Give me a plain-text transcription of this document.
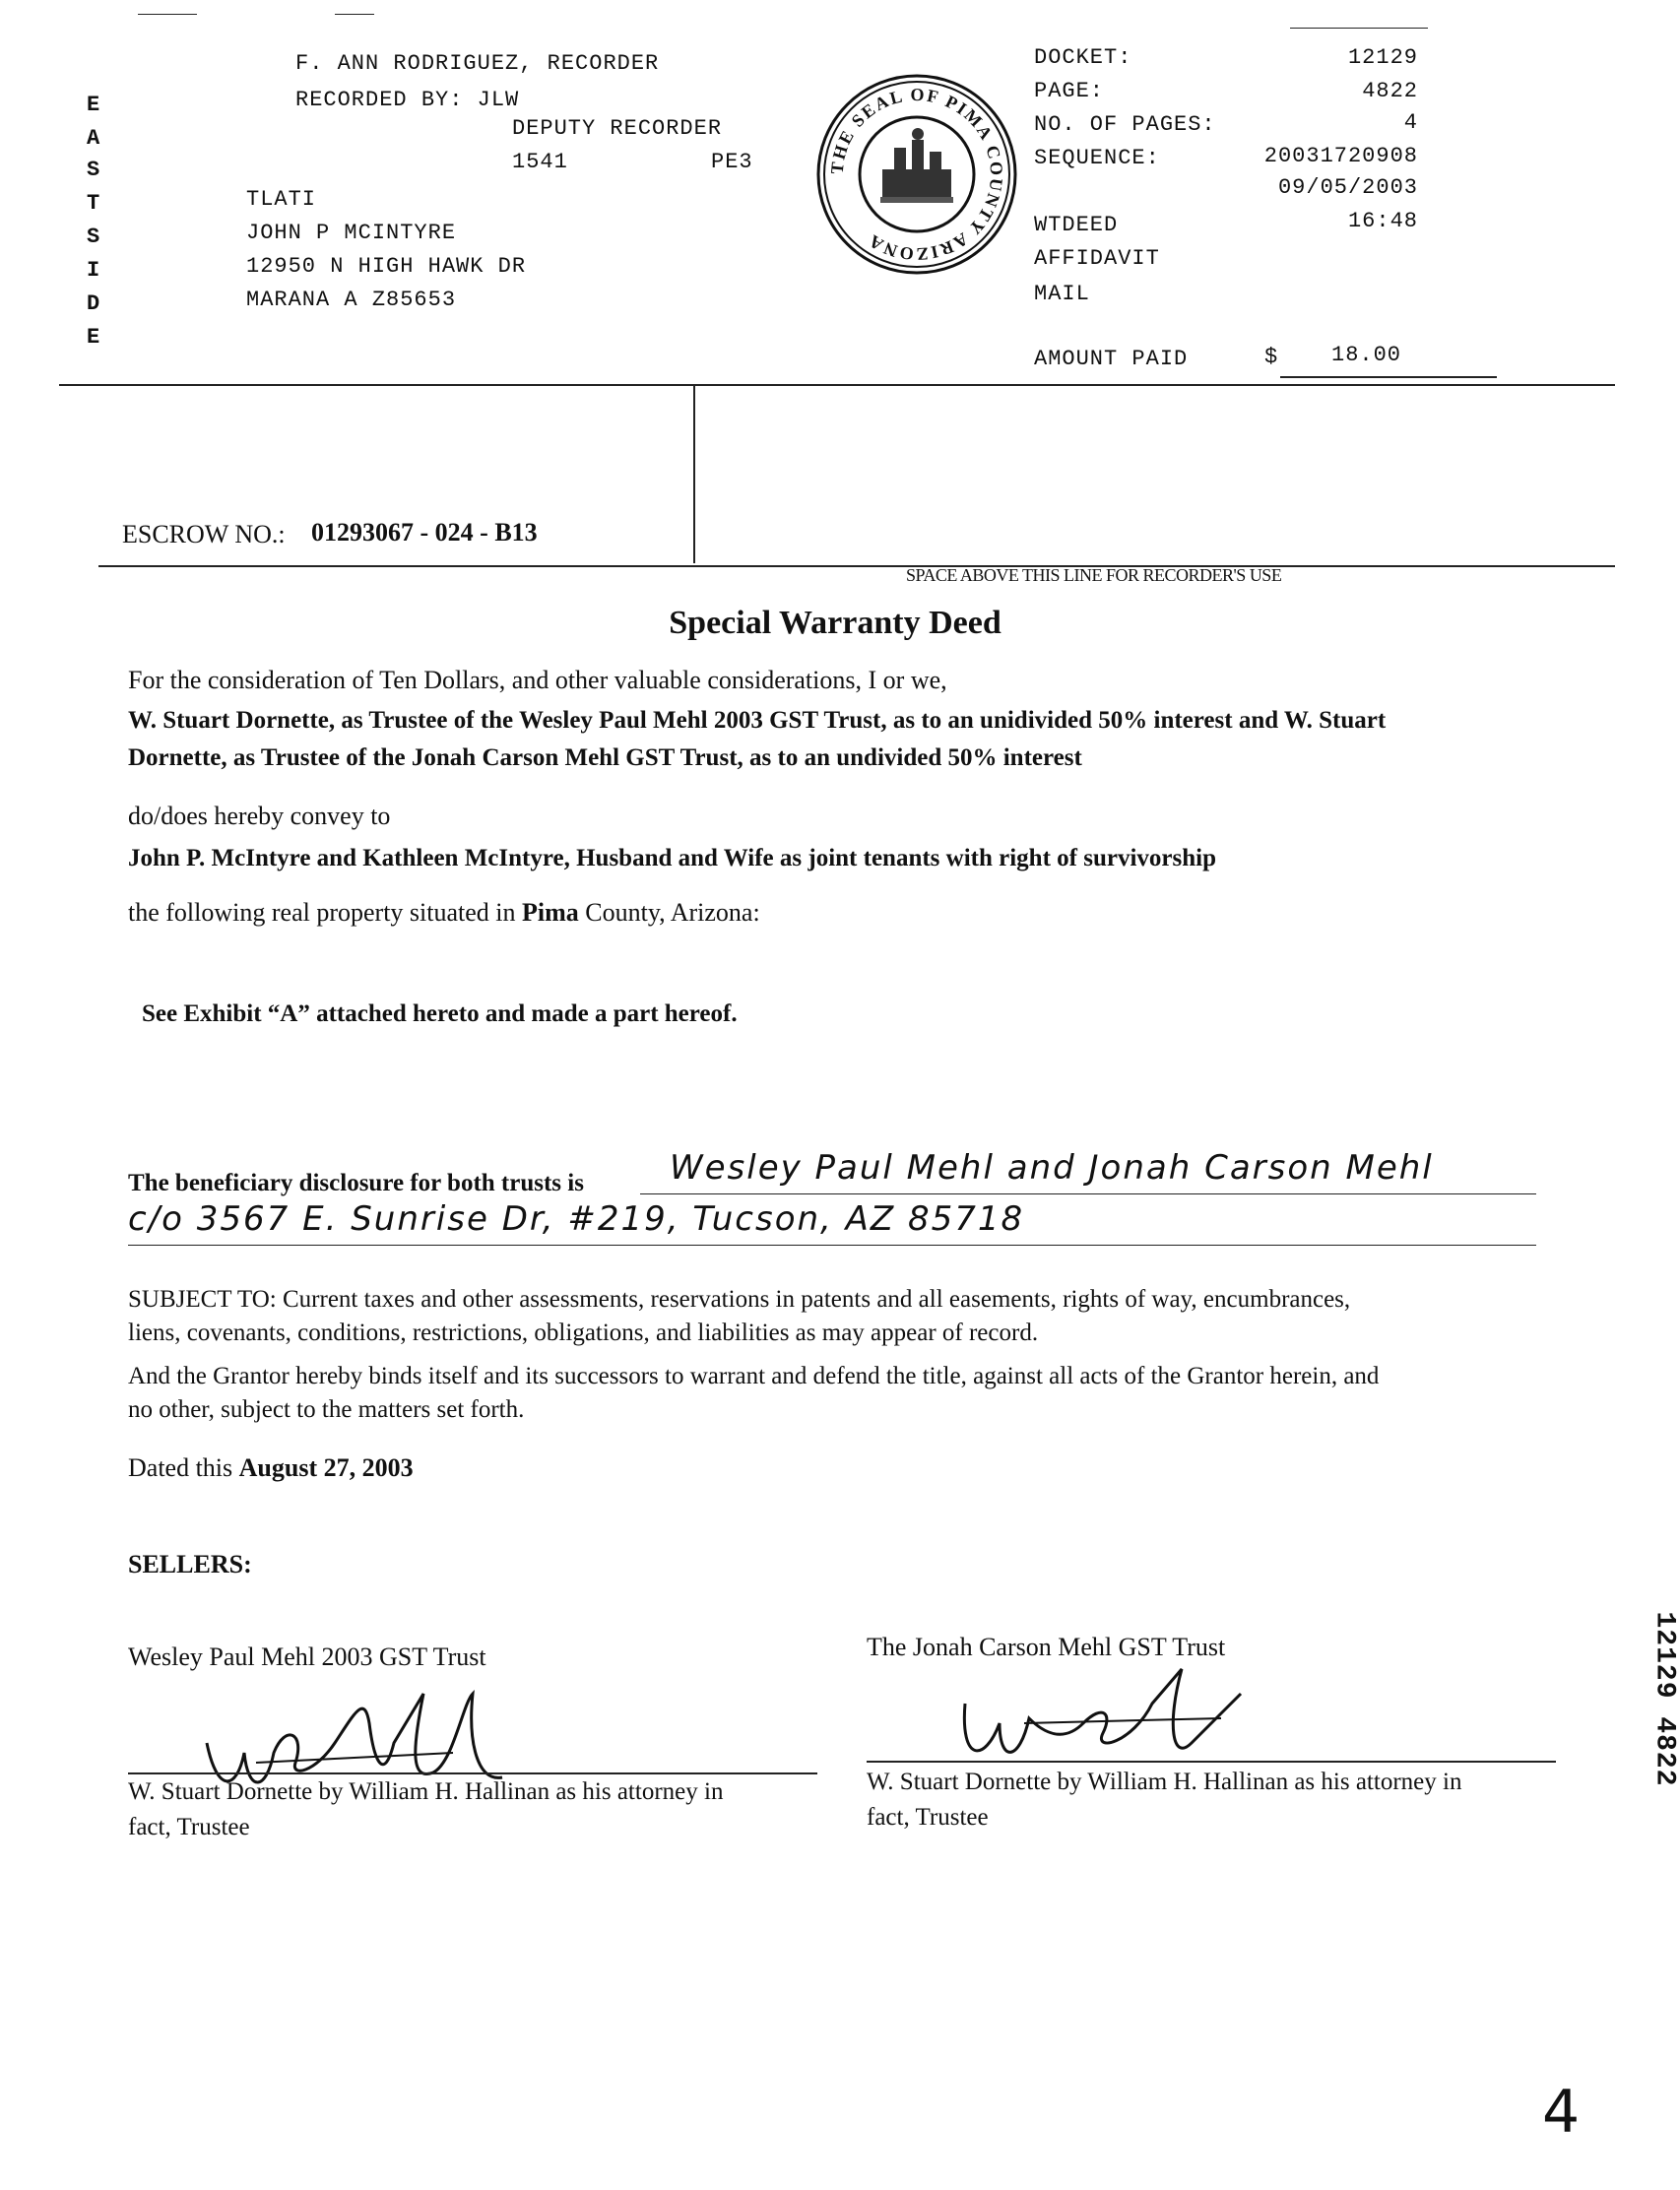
F. ANN RODRIGUEZ, RECORDER
RECORDED BY: JLW
DEPUTY RECORDER
1541	PE3
E
A
S
T
S
I
D
E
TLATI
JOHN P MCINTYRE
12950 N HIGH HAWK DR
MARANA A Z85653
THE SEAL OF PIMA COUNTY ARIZONA
DOCKET:	12129
PAGE:	4822
NO. OF PAGES:	4
SEQUENCE:	20031720908
09/05/2003
WTDEED	16:48
AFFIDAVIT
MAIL
AMOUNT PAID	$ 18.00
ESCROW NO.: 01293067 - 024 - B13
SPACE ABOVE THIS LINE FOR RECORDER'S USE
Special Warranty Deed
For the consideration of Ten Dollars, and other valuable considerations, I or we,
W. Stuart Dornette, as Trustee of the Wesley Paul Mehl 2003 GST Trust, as to an unidivided 50% interest and W. Stuart
Dornette, as Trustee of the Jonah Carson Mehl GST Trust, as to an undivided 50% interest
do/does hereby convey to
John P. McIntyre and Kathleen McIntyre, Husband and Wife as joint tenants with right of survivorship
the following real property situated in Pima County, Arizona:
See Exhibit “A” attached hereto and made a part hereof.
The beneficiary disclosure for both trusts is	Wesley Paul Mehl and Jonah Carson Mehl
c/o 3567 E. Sunrise Dr, #219, Tucson, AZ 85718
SUBJECT TO: Current taxes and other assessments, reservations in patents and all easements, rights of way, encumbrances,
liens, covenants, conditions, restrictions, obligations, and liabilities as may appear of record.
And the Grantor hereby binds itself and its successors to warrant and defend the title, against all acts of the Grantor herein, and
no other, subject to the matters set forth.
Dated this August 27, 2003
SELLERS:
Wesley Paul Mehl 2003 GST Trust
W. Stuart Dornette by William H. Hallinan as his attorney in
fact, Trustee
The Jonah Carson Mehl GST Trust
W. Stuart Dornette by William H. Hallinan as his attorney in
fact, Trustee
12129 4822
4
